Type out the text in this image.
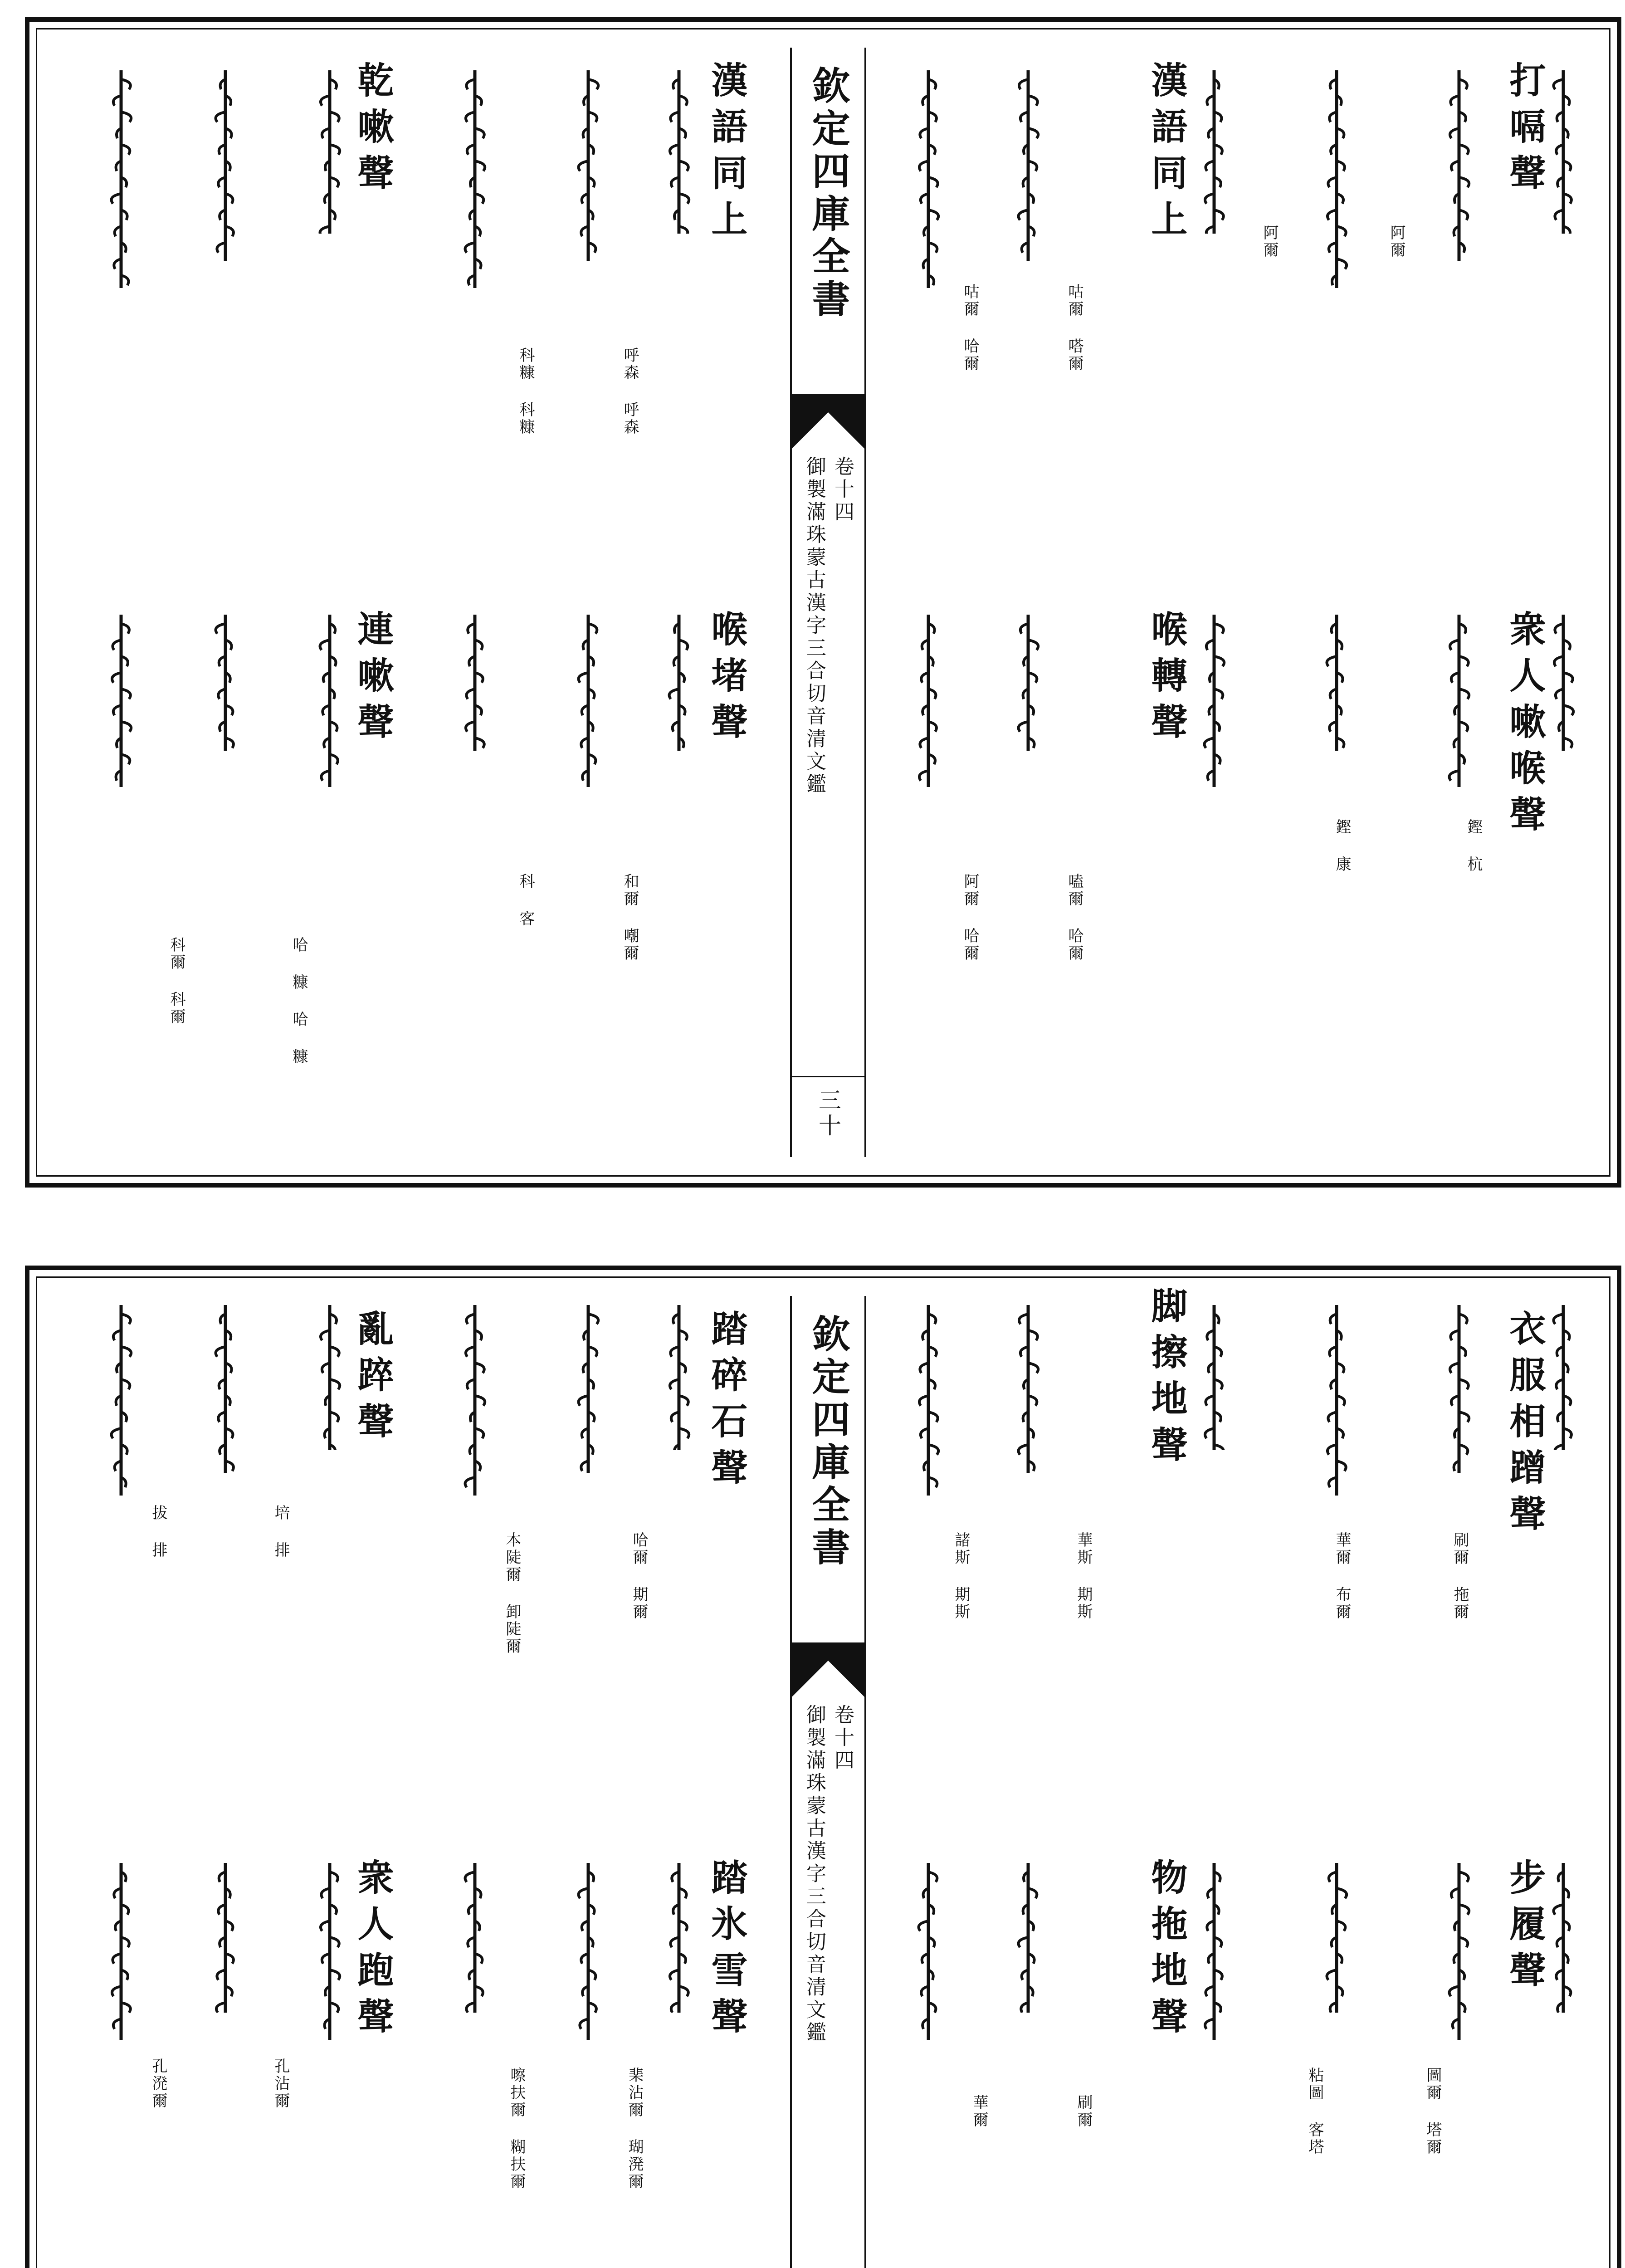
欽定四庫全書
卷十四
御製滿珠蒙古漢字三合切音清文鑑
三十
打嗝聲
漢語同上
漢語同上
乾嗽聲
衆人嗽喉聲
喉轉聲
喉堵聲
連嗽聲
阿爾
阿爾
咕爾 哈爾	咕爾 嗒爾
呼森 呼森
科糠 科糠
鏗 杭
鏗 康
嗑爾 哈爾
阿爾 哈爾
和爾 嘲爾
科 客
哈 糠 哈 糠
科爾 科爾
欽定四庫全書
卷十四
御製滿珠蒙古漢字三合切音清文鑑
衣服相蹭聲
脚擦地聲
踏碎石聲
亂踤聲
步履聲
物拖地聲
踏氷雪聲
衆人跑聲
刷爾 拖爾
華爾 布爾
華斯 期斯
諸斯 期斯
哈爾 期爾
本陡爾 卸陡爾
培 排
拔 排
圖爾 塔爾
粘圖 客塔
刷爾
華爾
棐沾爾 瑚溌爾
嚓扶爾 糊扶爾
孔沾爾
孔溌爾
